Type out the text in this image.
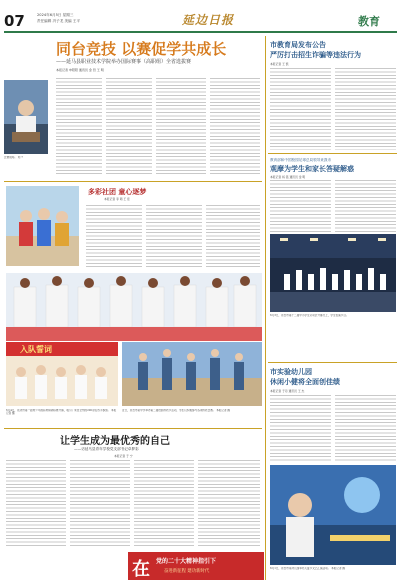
07	2024年6月5日 星期三
责任编辑 冯子龙 美编 王平	延边日报	教育
同台竞技 以赛促学共成长
——延马县职业技术学院举办国际赛事（高职组）全省选拔赛
本报记者 申阳阳 通讯员 金 哲 王 明
比赛现场。 刘 7
多彩社团 童心逐梦
本报记者 李 萌 王 佳
入队誓词
6月4日，延边州第一届青少年国际象棋锦标赛开幕，吸引了来自全州的200余名选手参加。 本报记者 摄
近日，延吉市某中学举办第二届校园科技节活动，学生们积极参与各项科技比赛。 本报记者 摄
让学生成为最优秀的自己
——访延马县青年学校党支部书记卓梦彩
本报记者 于 宁
在 党的二十大精神指引下
奋进新征程 建功新时代
市教育局发布公告
严厉打击招生诈骗等违法行为
本报记者 王 凯
教育部和中国校园足球总局领导来我市
观摩为学生和家长答疑解惑
本报记者 杨 铭 通讯员 金 明
6月3日，延吉市第十二届中小学生运动会开幕式上，学生表演节目。
市实验幼儿园
休闲小健将全面创佳绩
本报记者 于丹 通讯员 王 杰
6月1日，延吉市某幼儿园举办儿童节文艺汇演活动。 本报记者 摄
